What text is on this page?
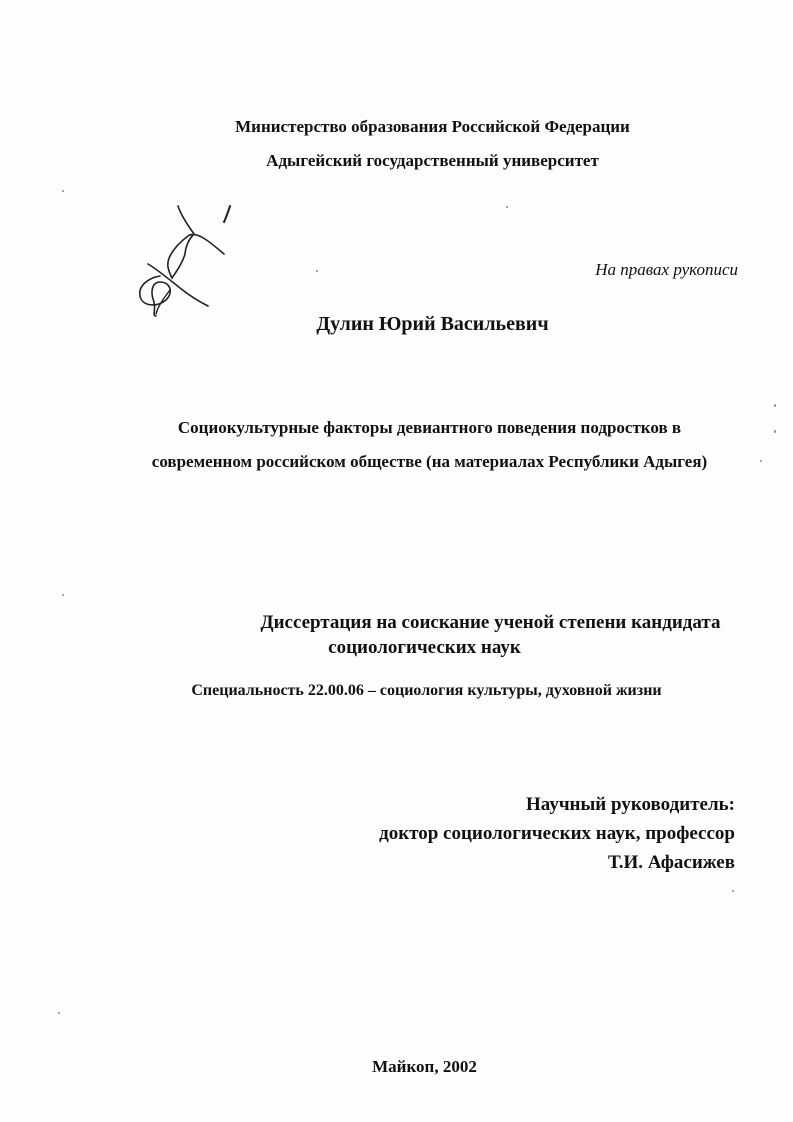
Министерство образования Российской Федерации
Адыгейский государственный университет
На правах рукописи
Дулин Юрий Васильевич
Социокультурные факторы девиантного поведения подростков в
современном российском обществе (на материалах Республики Адыгея)
Диссертация на соискание ученой степени кандидата
социологических наук
Специальность 22.00.06 – социология культуры, духовной жизни
Научный руководитель:
доктор социологических наук, профессор
Т.И. Афасижев
Майкоп, 2002
